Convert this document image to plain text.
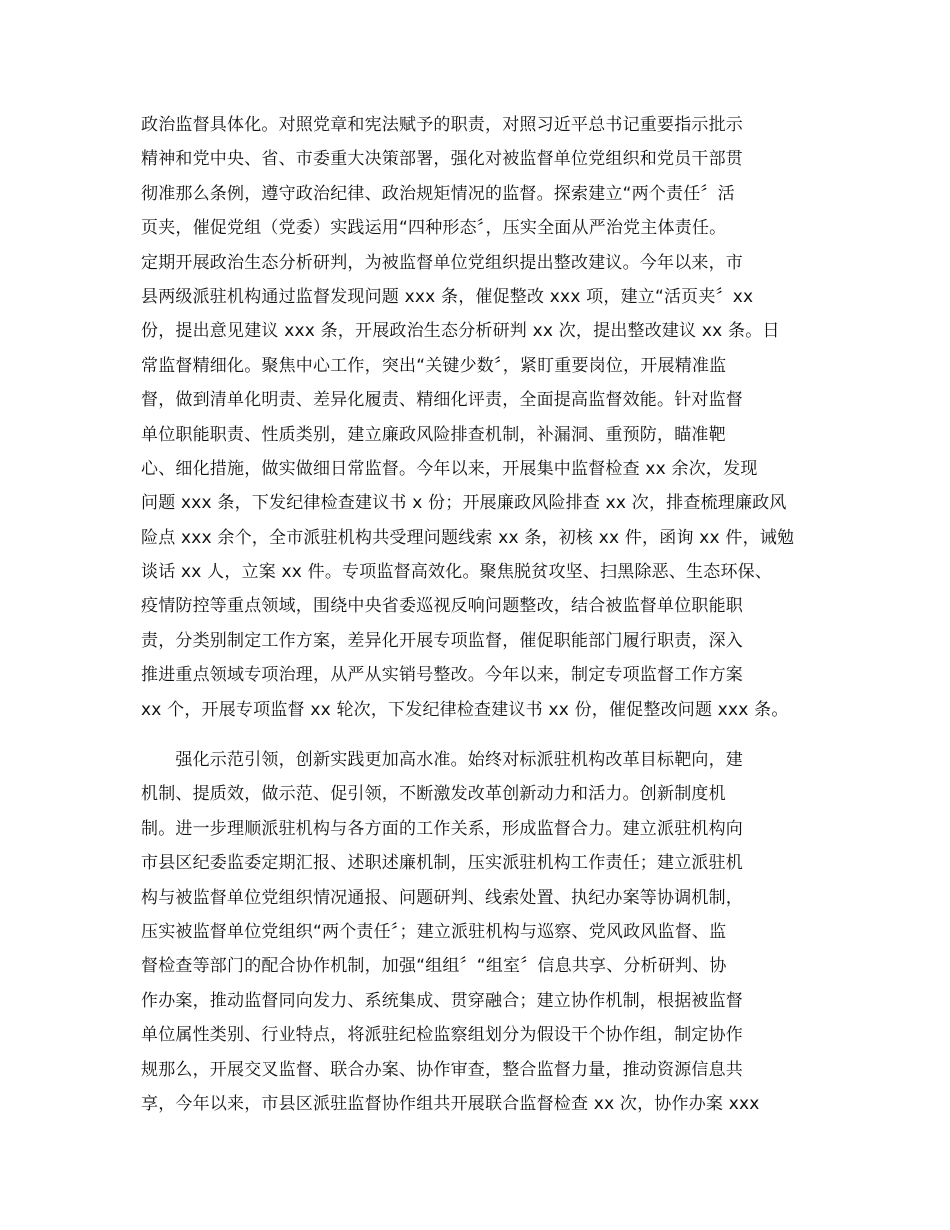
政治监督具体化。对照党章和宪法赋予的职责，对照习近平总书记重要指示批示
精神和党中央、省、市委重大决策部署，强化对被监督单位党组织和党员干部贯
彻准那么条例，遵守政治纪律、政治规矩情况的监督。探索建立“两个责任〞活
页夹，催促党组（党委）实践运用“四种形态〞，压实全面从严治党主体责任。
定期开展政治生态分析研判，为被监督单位党组织提出整改建议。今年以来，市
县两级派驻机构通过监督发现问题 xxx 条，催促整改 xxx 项，建立“活页夹〞xx
份，提出意见建议 xxx 条，开展政治生态分析研判 xx 次，提出整改建议 xx 条。日
常监督精细化。聚焦中心工作，突出“关键少数〞，紧盯重要岗位，开展精准监
督，做到清单化明责、差异化履责、精细化评责，全面提高监督效能。针对监督
单位职能职责、性质类别，建立廉政风险排查机制，补漏洞、重预防，瞄准靶
心、细化措施，做实做细日常监督。今年以来，开展集中监督检查 xx 余次，发现
问题 xxx 条，下发纪律检查建议书 x 份；开展廉政风险排查 xx 次，排查梳理廉政风
险点 xxx 余个，全市派驻机构共受理问题线索 xx 条，初核 xx 件，函询 xx 件，诫勉
谈话 xx 人，立案 xx 件。专项监督高效化。聚焦脱贫攻坚、扫黑除恶、生态环保、
疫情防控等重点领域，围绕中央省委巡视反响问题整改，结合被监督单位职能职
责，分类别制定工作方案，差异化开展专项监督，催促职能部门履行职责，深入
推进重点领域专项治理，从严从实销号整改。今年以来，制定专项监督工作方案
xx 个，开展专项监督 xx 轮次，下发纪律检查建议书 xx 份，催促整改问题 xxx 条。
　　强化示范引领，创新实践更加高水准。始终对标派驻机构改革目标靶向，建
机制、提质效，做示范、促引领，不断激发改革创新动力和活力。创新制度机
制。进一步理顺派驻机构与各方面的工作关系，形成监督合力。建立派驻机构向
市县区纪委监委定期汇报、述职述廉机制，压实派驻机构工作责任；建立派驻机
构与被监督单位党组织情况通报、问题研判、线索处置、执纪办案等协调机制，
压实被监督单位党组织“两个责任〞；建立派驻机构与巡察、党风政风监督、监
督检查等部门的配合协作机制，加强“组组〞“组室〞信息共享、分析研判、协
作办案，推动监督同向发力、系统集成、贯穿融合；建立协作机制，根据被监督
单位属性类别、行业特点，将派驻纪检监察组划分为假设干个协作组，制定协作
规那么，开展交叉监督、联合办案、协作审查，整合监督力量，推动资源信息共
享，今年以来，市县区派驻监督协作组共开展联合监督检查 xx 次，协作办案 xxx
